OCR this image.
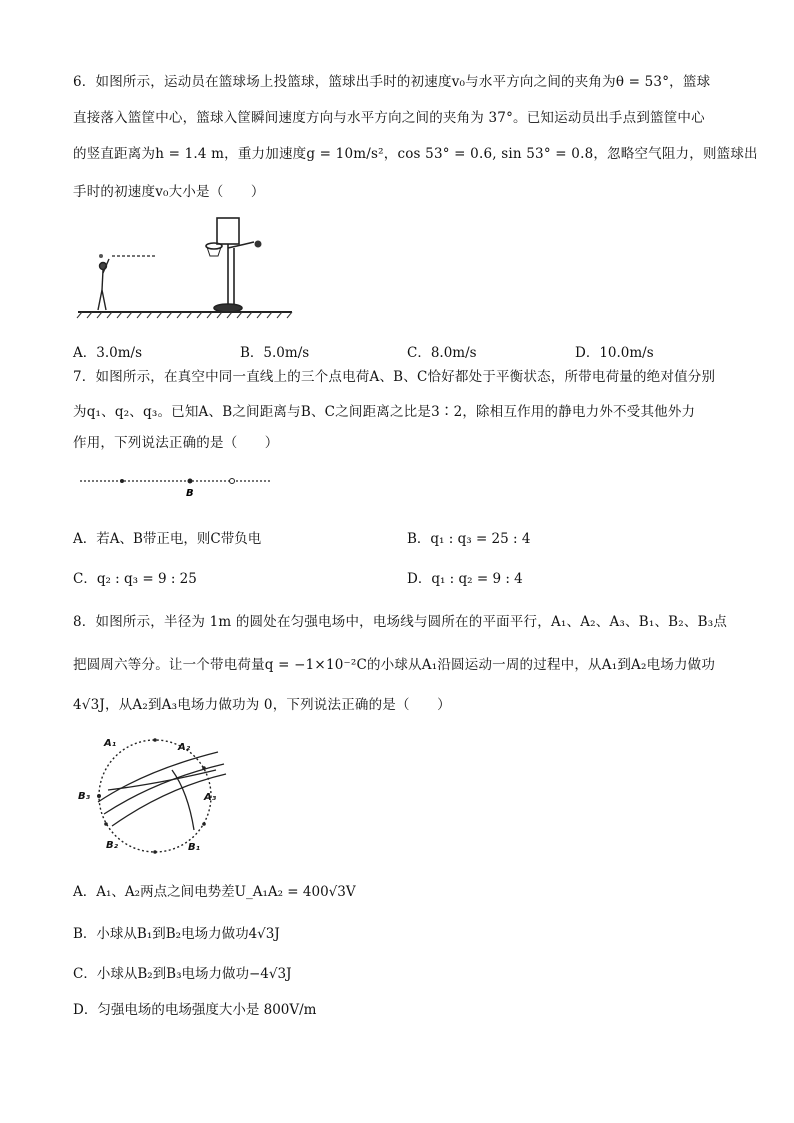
6．如图所示，运动员在篮球场上投篮球，篮球出手时的初速度v₀与水平方向之间的夹角为θ = 53°，篮球
直接落入篮筐中心，篮球入筐瞬间速度方向与水平方向之间的夹角为 37°。已知运动员出手点到篮筐中心
的竖直距离为h = 1.4 m，重力加速度g = 10m/s²，cos 53° = 0.6, sin 53° = 0.8，忽略空气阻力，则篮球出
手时的初速度v₀大小是（　　）
A．3.0m/s	B．5.0m/s	C．8.0m/s	D．10.0m/s
7．如图所示，在真空中同一直线上的三个点电荷A、B、C恰好都处于平衡状态，所带电荷量的绝对值分别
为q₁、q₂、q₃。已知A、B之间距离与B、C之间距离之比是3∶2，除相互作用的静电力外不受其他外力
作用，下列说法正确的是（　　）
B
A．若A、B带正电，则C带负电	B．q₁ : q₃ = 25 : 4
C．q₂ : q₃ = 9 : 25	D．q₁ : q₂ = 9 : 4
8．如图所示，半径为 1m 的圆处在匀强电场中，电场线与圆所在的平面平行，A₁、A₂、A₃、B₁、B₂、B₃点
把圆周六等分。让一个带电荷量q = −1×10⁻²C的小球从A₁沿圆运动一周的过程中，从A₁到A₂电场力做功
4√3J，从A₂到A₃电场力做功为 0，下列说法正确的是（　　）
A₁	A₂
A₃
B₁
B₂
B₃
A．A₁、A₂两点之间电势差U_A₁A₂ = 400√3V
B．小球从B₁到B₂电场力做功4√3J
C．小球从B₂到B₃电场力做功−4√3J
D．匀强电场的电场强度大小是 800V/m
